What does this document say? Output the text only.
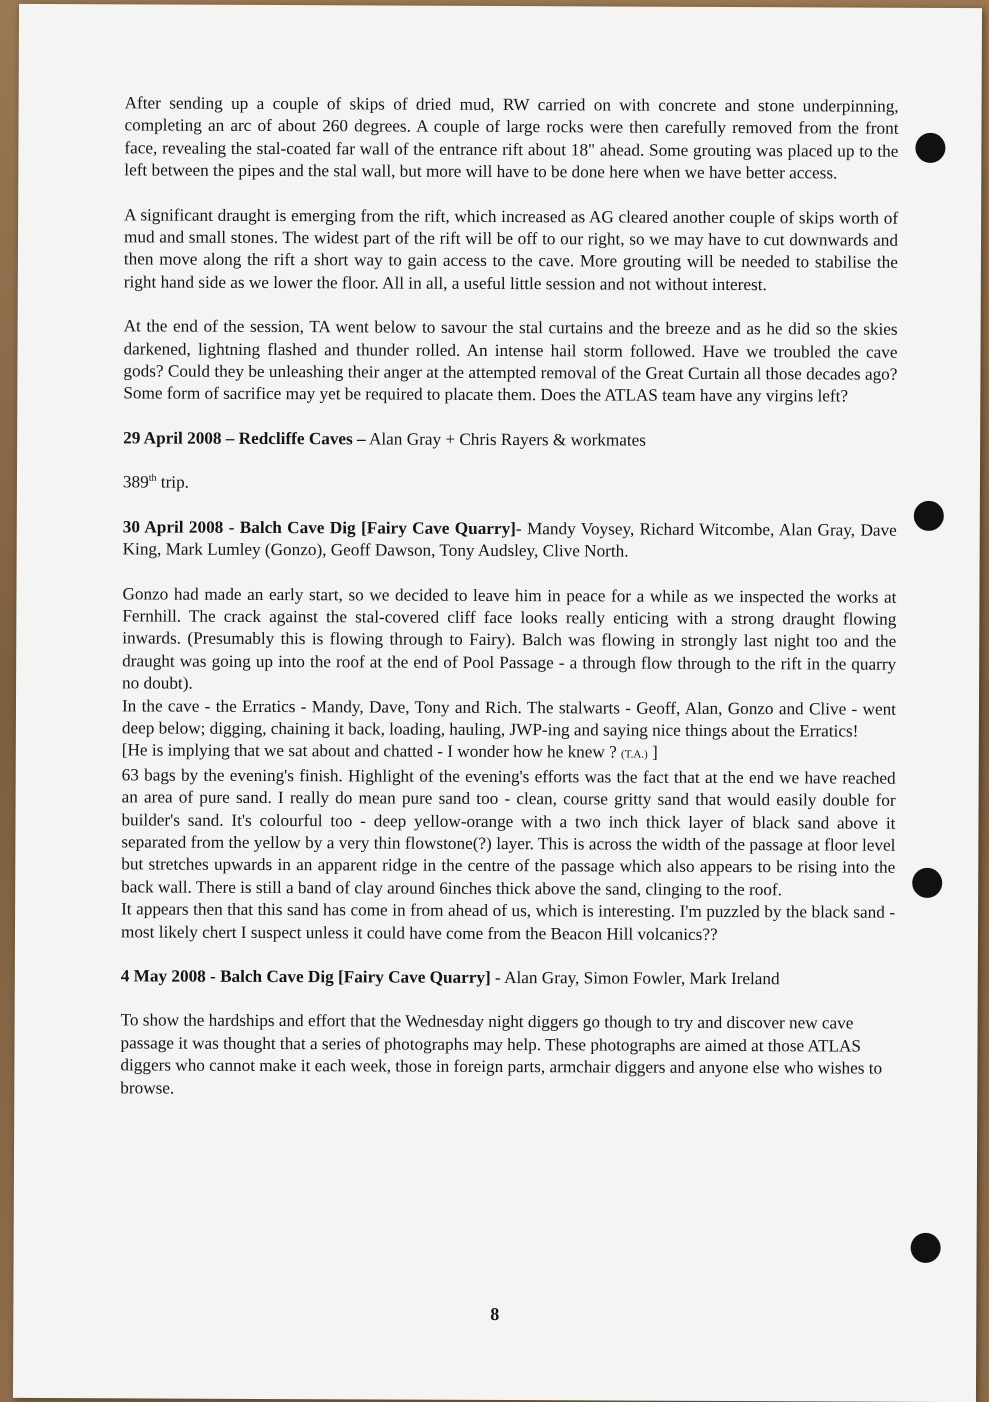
After sending up a couple of skips of dried mud, RW carried on with concrete and stone underpinning, completing an arc of about 260 degrees. A couple of large rocks were then carefully removed from the front face, revealing the stal-coated far wall of the entrance rift about 18" ahead. Some grouting was placed up to the left between the pipes and the stal wall, but more will have to be done here when we have better access.

A significant draught is emerging from the rift, which increased as AG cleared another couple of skips worth of mud and small stones. The widest part of the rift will be off to our right, so we may have to cut downwards and then move along the rift a short way to gain access to the cave. More grouting will be needed to stabilise the right hand side as we lower the floor. All in all, a useful little session and not without interest.

At the end of the session, TA went below to savour the stal curtains and the breeze and as he did so the skies darkened, lightning flashed and thunder rolled. An intense hail storm followed. Have we troubled the cave gods? Could they be unleashing their anger at the attempted removal of the Great Curtain all those decades ago? Some form of sacrifice may yet be required to placate them. Does the ATLAS team have any virgins left?

29 April 2008 – Redcliffe Caves – Alan Gray + Chris Rayers & workmates

389th trip.

30 April 2008 - Balch Cave Dig [Fairy Cave Quarry]- Mandy Voysey, Richard Witcombe, Alan Gray, Dave King, Mark Lumley (Gonzo), Geoff Dawson, Tony Audsley, Clive North.

Gonzo had made an early start, so we decided to leave him in peace for a while as we inspected the works at Fernhill. The crack against the stal-covered cliff face looks really enticing with a strong draught flowing inwards. (Presumably this is flowing through to Fairy). Balch was flowing in strongly last night too and the draught was going up into the roof at the end of Pool Passage - a through flow through to the rift in the quarry no doubt).

In the cave - the Erratics - Mandy, Dave, Tony and Rich. The stalwarts - Geoff, Alan, Gonzo and Clive - went deep below; digging, chaining it back, loading, hauling, JWP-ing and saying nice things about the Erratics!

[He is implying that we sat about and chatted - I wonder how he knew ? (T.A.) ]

63 bags by the evening's finish. Highlight of the evening's efforts was the fact that at the end we have reached an area of pure sand. I really do mean pure sand too - clean, course gritty sand that would easily double for builder's sand. It's colourful too - deep yellow-orange with a two inch thick layer of black sand above it separated from the yellow by a very thin flowstone(?) layer. This is across the width of the passage at floor level but stretches upwards in an apparent ridge in the centre of the passage which also appears to be rising into the back wall. There is still a band of clay around 6inches thick above the sand, clinging to the roof.

It appears then that this sand has come in from ahead of us, which is interesting. I'm puzzled by the black sand - most likely chert I suspect unless it could have come from the Beacon Hill volcanics??

4 May 2008 - Balch Cave Dig [Fairy Cave Quarry] - Alan Gray, Simon Fowler, Mark Ireland

To show the hardships and effort that the Wednesday night diggers go though to try and discover new cave passage it was thought that a series of photographs may help. These photographs are aimed at those ATLAS diggers who cannot make it each week, those in foreign parts, armchair diggers and anyone else who wishes to browse.

8
